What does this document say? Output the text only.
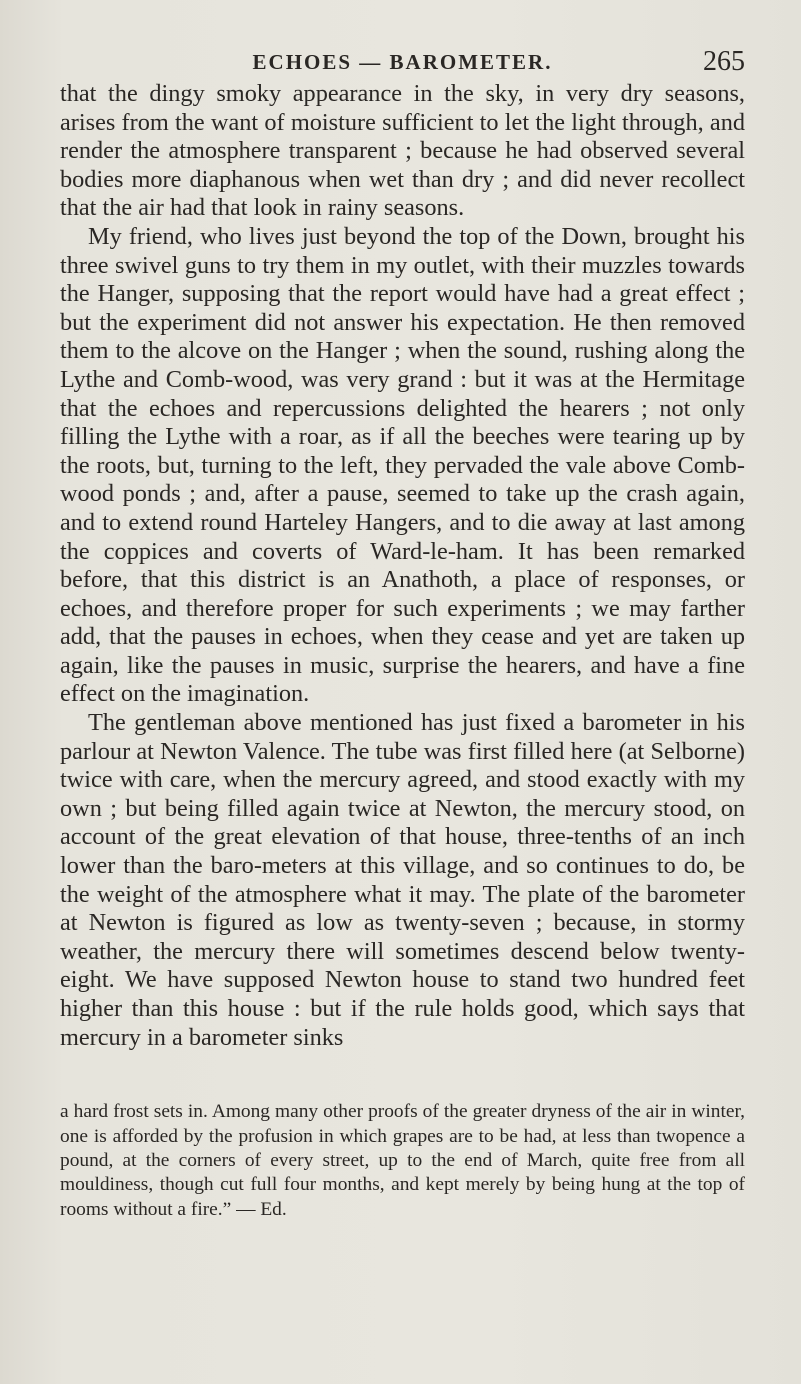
ECHOES — BAROMETER.	265

that the dingy smoky appearance in the sky, in very dry seasons, arises from the want of moisture sufficient to let the light through, and render the atmosphere transparent ; because he had observed several bodies more diaphanous when wet than dry ; and did never recollect that the air had that look in rainy seasons.

My friend, who lives just beyond the top of the Down, brought his three swivel guns to try them in my outlet, with their muzzles towards the Hanger, supposing that the report would have had a great effect ; but the experiment did not answer his expectation. He then removed them to the alcove on the Hanger ; when the sound, rushing along the Lythe and Comb-wood, was very grand : but it was at the Hermitage that the echoes and repercussions delighted the hearers ; not only filling the Lythe with a roar, as if all the beeches were tearing up by the roots, but, turning to the left, they pervaded the vale above Comb-wood ponds ; and, after a pause, seemed to take up the crash again, and to extend round Harteley Hangers, and to die away at last among the coppices and coverts of Ward-le-ham. It has been remarked before, that this district is an Anathoth, a place of responses, or echoes, and therefore proper for such experiments ; we may farther add, that the pauses in echoes, when they cease and yet are taken up again, like the pauses in music, surprise the hearers, and have a fine effect on the imagination.

The gentleman above mentioned has just fixed a barometer in his parlour at Newton Valence. The tube was first filled here (at Selborne) twice with care, when the mercury agreed, and stood exactly with my own ; but being filled again twice at Newton, the mercury stood, on account of the great elevation of that house, three-tenths of an inch lower than the baro-meters at this village, and so continues to do, be the weight of the atmosphere what it may. The plate of the barometer at Newton is figured as low as twenty-seven ; because, in stormy weather, the mercury there will sometimes descend below twenty-eight. We have supposed Newton house to stand two hundred feet higher than this house : but if the rule holds good, which says that mercury in a barometer sinks

a hard frost sets in. Among many other proofs of the greater dryness of the air in winter, one is afforded by the profusion in which grapes are to be had, at less than twopence a pound, at the corners of every street, up to the end of March, quite free from all mouldiness, though cut full four months, and kept merely by being hung at the top of rooms without a fire.” — Ed.
